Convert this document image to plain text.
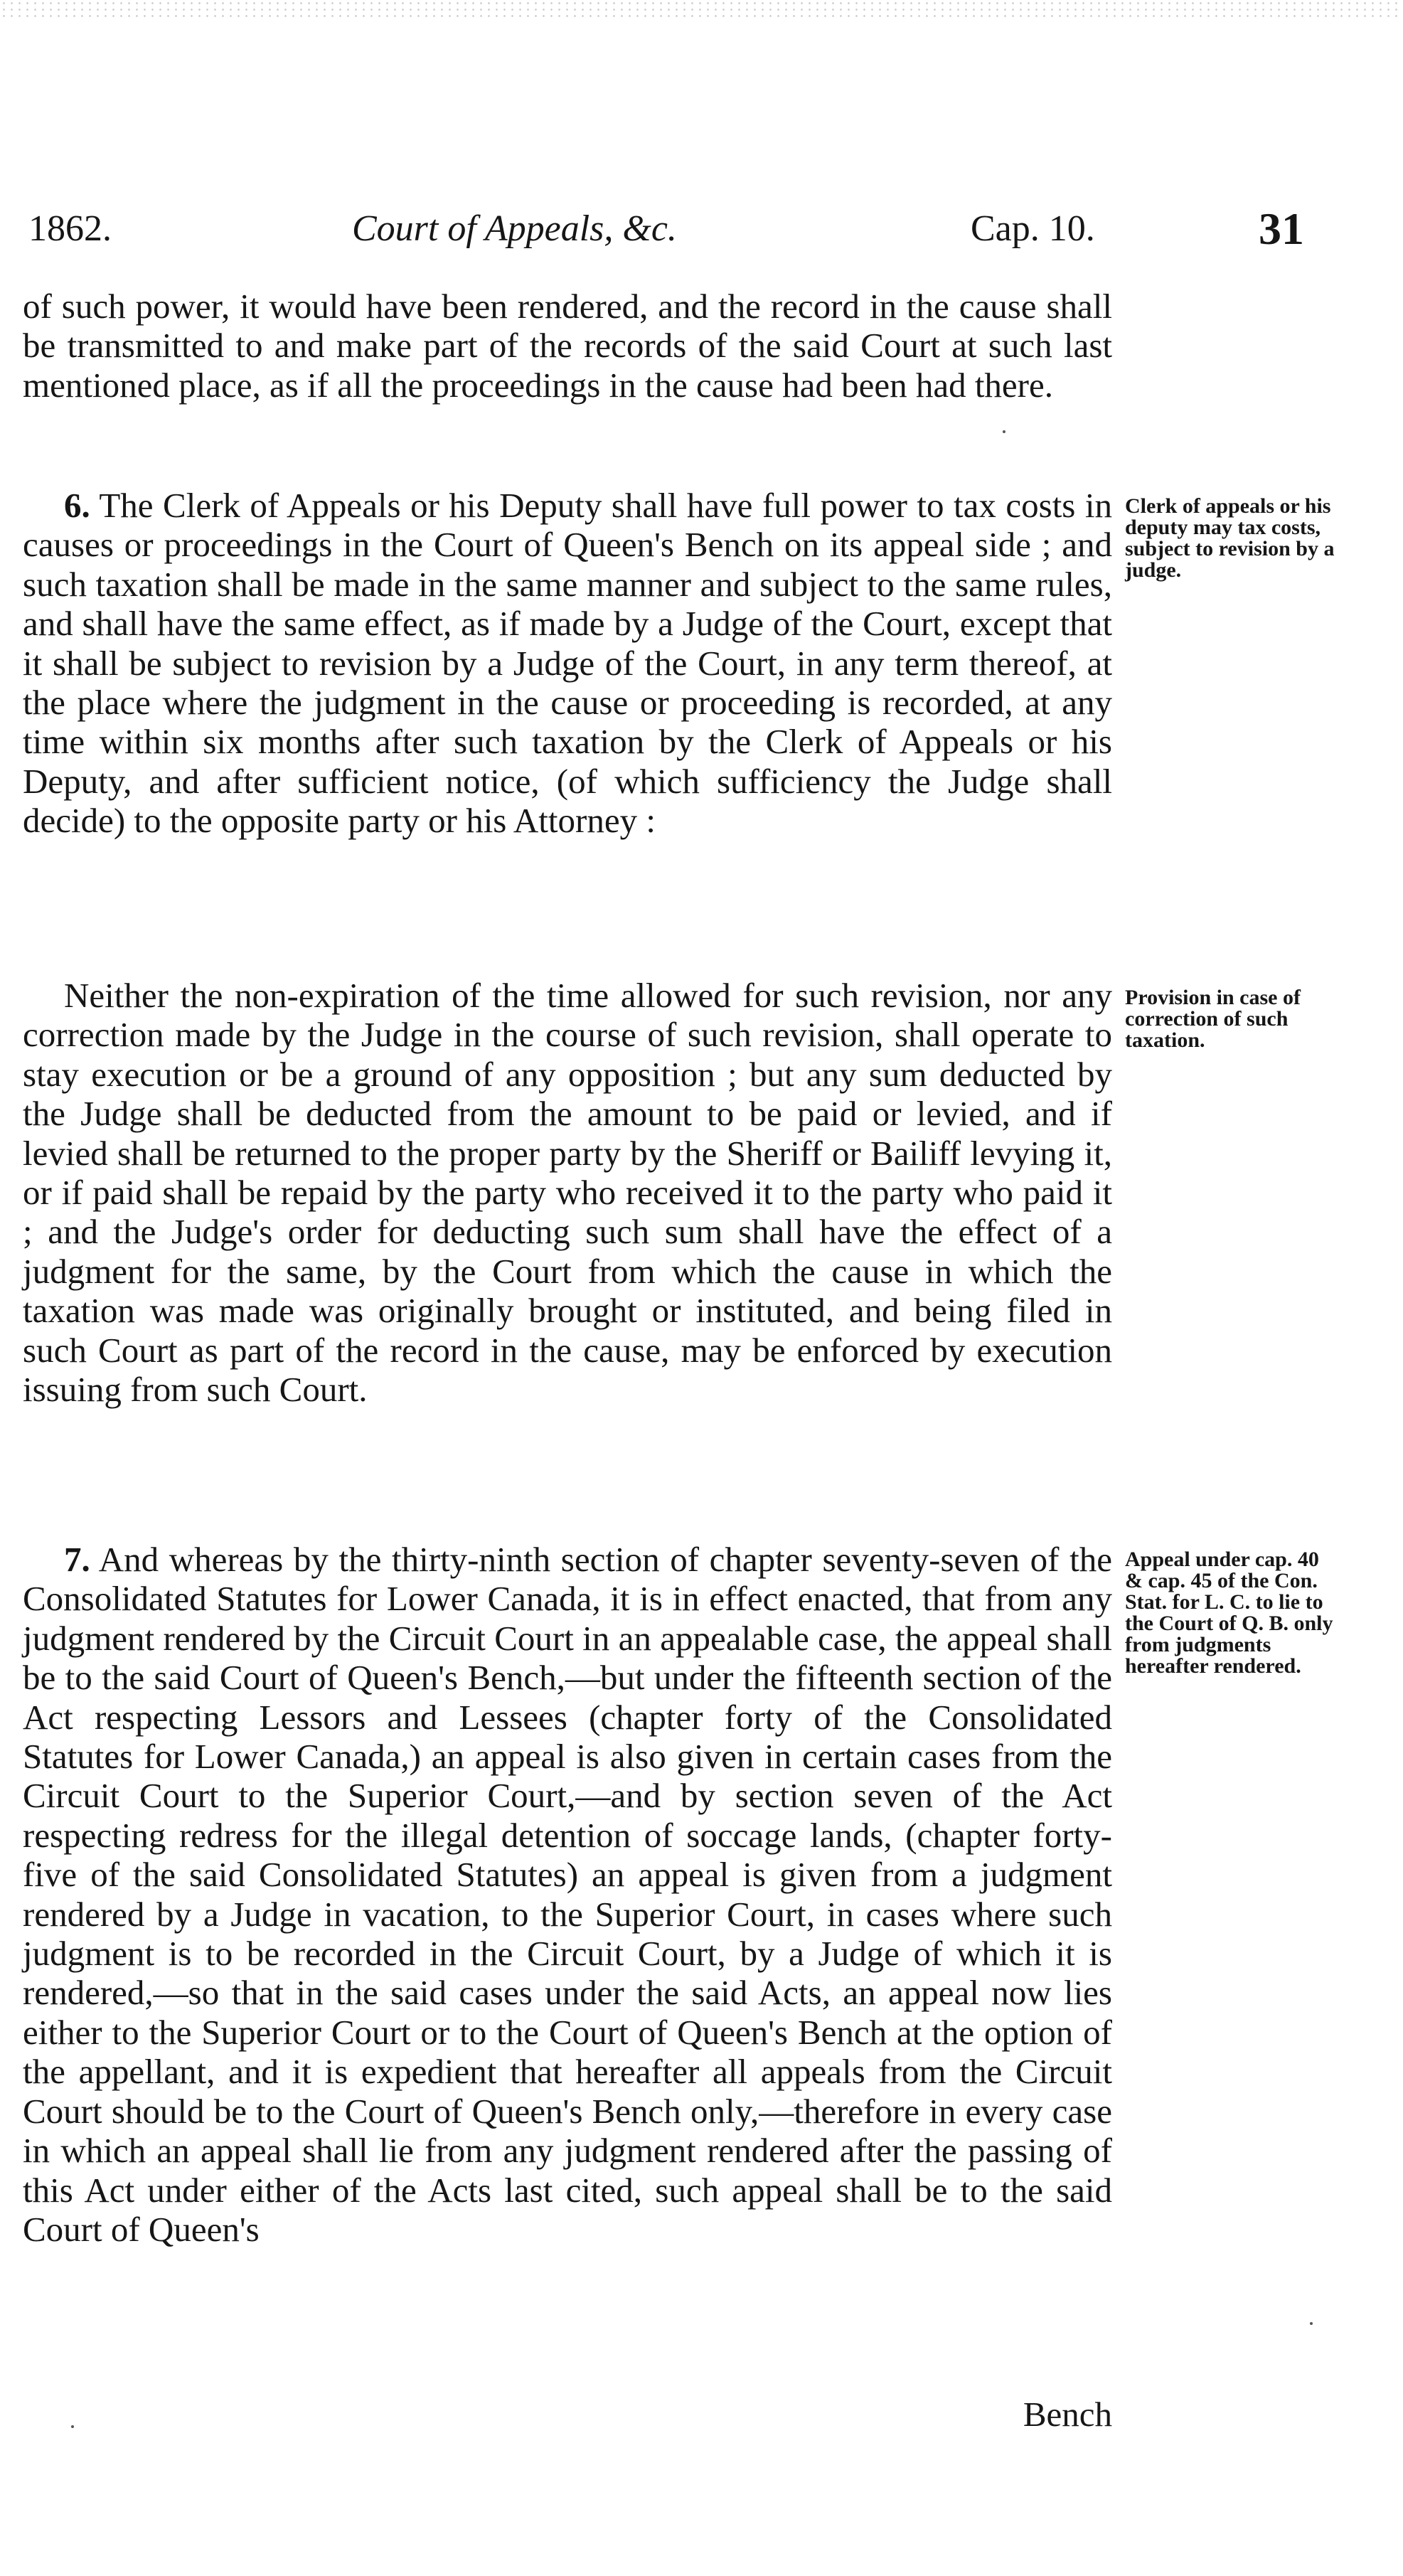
1862.	Court of Appeals, &c.	Cap. 10.	31

of such power, it would have been rendered, and the record in the cause shall be transmitted to and make part of the records of the said Court at such last mentioned place, as if all the proceedings in the cause had been had there.

6. The Clerk of Appeals or his Deputy shall have full power to tax costs in causes or proceedings in the Court of Queen's Bench on its appeal side ; and such taxation shall be made in the same manner and subject to the same rules, and shall have the same effect, as if made by a Judge of the Court, except that it shall be subject to revision by a Judge of the Court, in any term thereof, at the place where the judgment in the cause or proceeding is recorded, at any time within six months after such taxation by the Clerk of Appeals or his Deputy, and after sufficient notice, (of which sufficiency the Judge shall decide) to the opposite party or his Attorney :

Clerk of appeals or his deputy may tax costs, subject to revision by a judge.

Neither the non-expiration of the time allowed for such revision, nor any correction made by the Judge in the course of such revision, shall operate to stay execution or be a ground of any opposition ; but any sum deducted by the Judge shall be deducted from the amount to be paid or levied, and if levied shall be returned to the proper party by the Sheriff or Bailiff levying it, or if paid shall be repaid by the party who received it to the party who paid it ; and the Judge's order for deducting such sum shall have the effect of a judgment for the same, by the Court from which the cause in which the taxation was made was originally brought or instituted, and being filed in such Court as part of the record in the cause, may be enforced by execution issuing from such Court.

Provision in case of correction of such taxation.

7. And whereas by the thirty-ninth section of chapter seventy-seven of the Consolidated Statutes for Lower Canada, it is in effect enacted, that from any judgment rendered by the Circuit Court in an appealable case, the appeal shall be to the said Court of Queen's Bench,—but under the fifteenth section of the Act respecting Lessors and Lessees (chapter forty of the Consolidated Statutes for Lower Canada,) an appeal is also given in certain cases from the Circuit Court to the Superior Court,—and by section seven of the Act respecting redress for the illegal detention of soccage lands, (chapter forty-five of the said Consolidated Statutes) an appeal is given from a judgment rendered by a Judge in vacation, to the Superior Court, in cases where such judgment is to be recorded in the Circuit Court, by a Judge of which it is rendered,—so that in the said cases under the said Acts, an appeal now lies either to the Superior Court or to the Court of Queen's Bench at the option of the appellant, and it is expedient that hereafter all appeals from the Circuit Court should be to the Court of Queen's Bench only,—therefore in every case in which an appeal shall lie from any judgment rendered after the passing of this Act under either of the Acts last cited, such appeal shall be to the said Court of Queen's

Appeal under cap. 40 & cap. 45 of the Con. Stat. for L. C. to lie to the Court of Q. B. only from judgments hereafter rendered.
Bench
